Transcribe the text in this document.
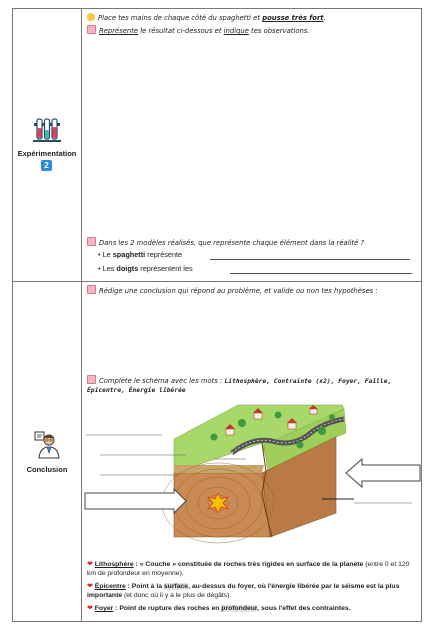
Expérimentation
2
Place tes mains de chaque côté du spaghetti et pousse très fort.
Représente le résultat ci-dessous et indique tes observations.
Dans les 2 modèles réalisés, que représente chaque élément dans la réalité ?
• Le spaghetti représente
• Les doigts représentent les
Conclusion
Rédige une conclusion qui répond au problème, et valide ou non tes hypothèses :
Complète le schéma avec les mots : Lithosphère, Contrainte (x2), Foyer, Faille, Épicentre, Énergie libérée
❤ Lithosphère : « Couche » constituée de roches très rigides en surface de la planète (entre 0 et 120 km de profondeur en moyenne).
❤ Épicentre : Point à la surface, au-dessus du foyer, où l'énergie libérée par le séisme est la plus importante (et donc où il y a le plus de dégâts).
❤ Foyer : Point de rupture des roches en profondeur, sous l'effet des contraintes.
